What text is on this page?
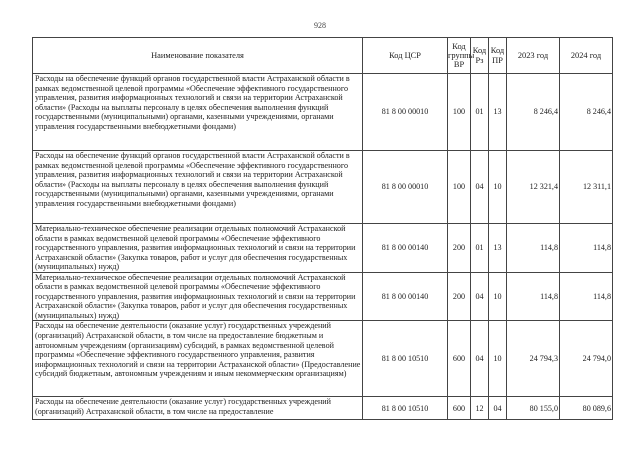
928
Наименование показателя	Код ЦСР	Код группы ВР	Код Рз	Код ПР	2023 год	2024 год

Расходы на обеспечение функций органов государственной власти Астраханской области в рамках ведомственной целевой программы «Обеспечение эффективного государственного управления, развития информационных технологий и связи на территории Астраханской области» (Расходы на выплаты персоналу в целях обеспечения выполнения функций государственными (муниципальными) органами, казенными учреждениями, органами управления государственными внебюджетными фондами)	81 8 00 00010	100	01	13	8 246,4	8 246,4

Расходы на обеспечение функций органов государственной власти Астраханской области в рамках ведомственной целевой программы «Обеспечение эффективного государственного управления, развития информационных технологий и связи на территории Астраханской области» (Расходы на выплаты персоналу в целях обеспечения выполнения функций государственными (муниципальными) органами, казенными учреждениями, органами управления государственными внебюджетными фондами)	81 8 00 00010	100	04	10	12 321,4	12 311,1

Материально-техническое обеспечение реализации отдельных полномочий Астраханской области в рамках ведомственной целевой программы «Обеспечение эффективного государственного управления, развития информационных технологий и связи на территории Астраханской области» (Закупка товаров, работ и услуг для обеспечения государственных (муниципальных) нужд)	81 8 00 00140	200	01	13	114,8	114,8

Материально-техническое обеспечение реализации отдельных полномочий Астраханской области в рамках ведомственной целевой программы «Обеспечение эффективного государственного управления, развития информационных технологий и связи на территории Астраханской области» (Закупка товаров, работ и услуг для обеспечения государственных (муниципальных) нужд)	81 8 00 00140	200	04	10	114,8	114,8

Расходы на обеспечение деятельности (оказание услуг) государственных учреждений (организаций) Астраханской области, в том числе на предоставление бюджетным и автономным учреждениям (организациям) субсидий, в рамках ведомственной целевой программы «Обеспечение эффективного государственного управления, развития информационных технологий и связи на территории Астраханской области» (Предоставление субсидий бюджетным, автономным учреждениям и иным некоммерческим организациям)	81 8 00 10510	600	04	10	24 794,3	24 794,0

Расходы на обеспечение деятельности (оказание услуг) государственных учреждений (организаций) Астраханской области, в том числе на предоставление	81 8 00 10510	600	12	04	80 155,0	80 089,6
